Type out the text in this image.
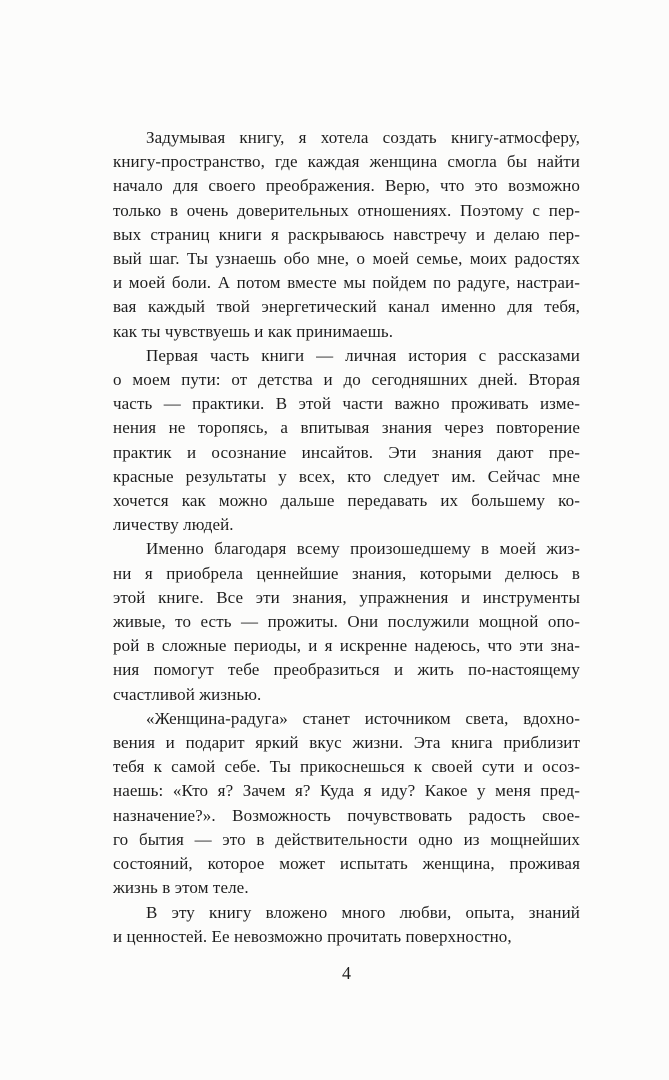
Задумывая книгу, я хотела создать книгу-атмосферу,
книгу-пространство, где каждая женщина смогла бы найти
начало для своего преображения. Верю, что это возможно
только в очень доверительных отношениях. Поэтому с пер-
вых страниц книги я раскрываюсь навстречу и делаю пер-
вый шаг. Ты узнаешь обо мне, о моей семье, моих радостях
и моей боли. А потом вместе мы пойдем по радуге, настраи-
вая каждый твой энергетический канал именно для тебя,
как ты чувствуешь и как принимаешь.
Первая часть книги — личная история с рассказами
о моем пути: от детства и до сегодняшних дней. Вторая
часть — практики. В этой части важно проживать изме-
нения не торопясь, а впитывая знания через повторение
практик и осознание инсайтов. Эти знания дают пре-
красные результаты у всех, кто следует им. Сейчас мне
хочется как можно дальше передавать их большему ко-
личеству людей.
Именно благодаря всему произошедшему в моей жиз-
ни я приобрела ценнейшие знания, которыми делюсь в
этой книге. Все эти знания, упражнения и инструменты
живые, то есть — прожиты. Они послужили мощной опо-
рой в сложные периоды, и я искренне надеюсь, что эти зна-
ния помогут тебе преобразиться и жить по-настоящему
счастливой жизнью.
«Женщина-радуга» станет источником света, вдохно-
вения и подарит яркий вкус жизни. Эта книга приблизит
тебя к самой себе. Ты прикоснешься к своей сути и осоз-
наешь: «Кто я? Зачем я? Куда я иду? Какое у меня пред-
назначение?». Возможность почувствовать радость свое-
го бытия — это в действительности одно из мощнейших
состояний, которое может испытать женщина, проживая
жизнь в этом теле.
В эту книгу вложено много любви, опыта, знаний
и ценностей. Ее невозможно прочитать поверхностно,
4
